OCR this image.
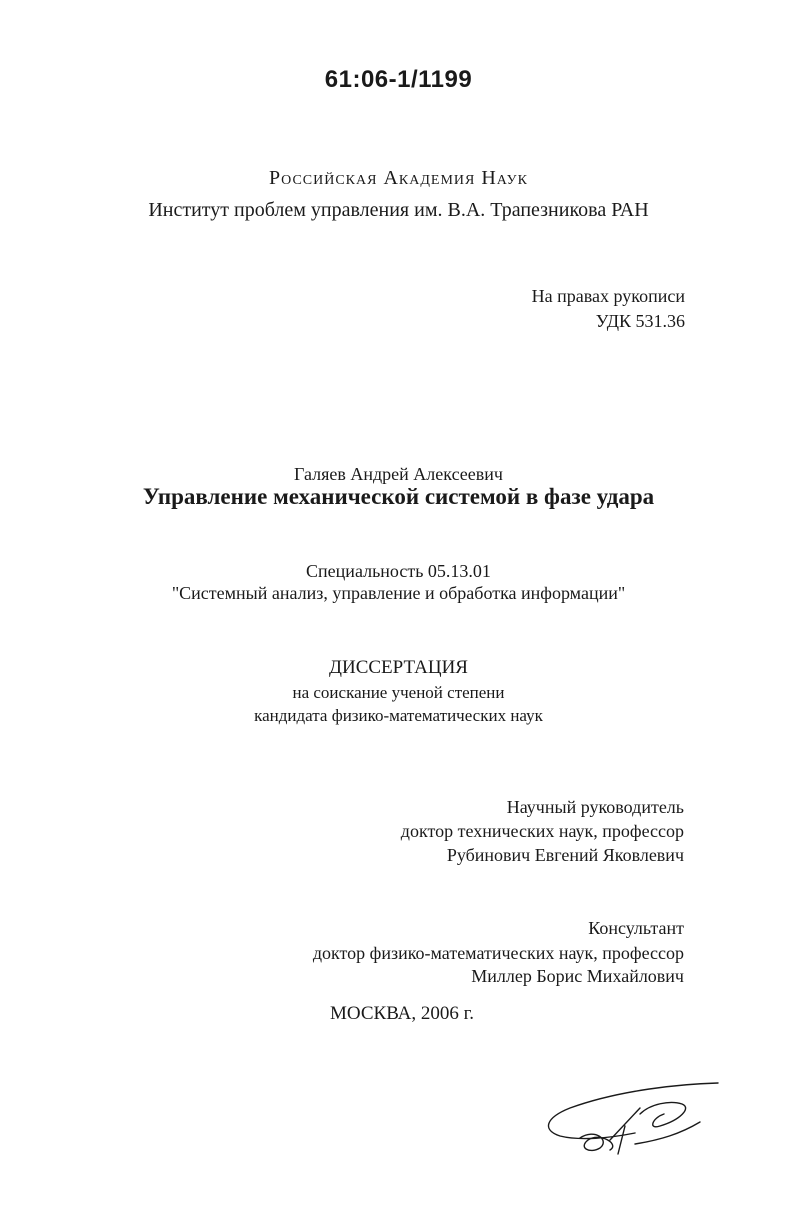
61:06-1/1199
Российская Академия Наук
Институт проблем управления им. В.А. Трапезникова РАН
На правах рукописи
УДК 531.36
Галяев Андрей Алексеевич
Управление механической системой в фазе удара
Специальность 05.13.01
"Системный анализ, управление и обработка информации"
ДИССЕРТАЦИЯ
на соискание ученой степени
кандидата физико-математических наук
Научный руководитель
доктор технических наук, профессор
Рубинович Евгений Яковлевич
Консультант
доктор физико-математических наук, профессор
Миллер Борис Михайлович
МОСКВА, 2006 г.
